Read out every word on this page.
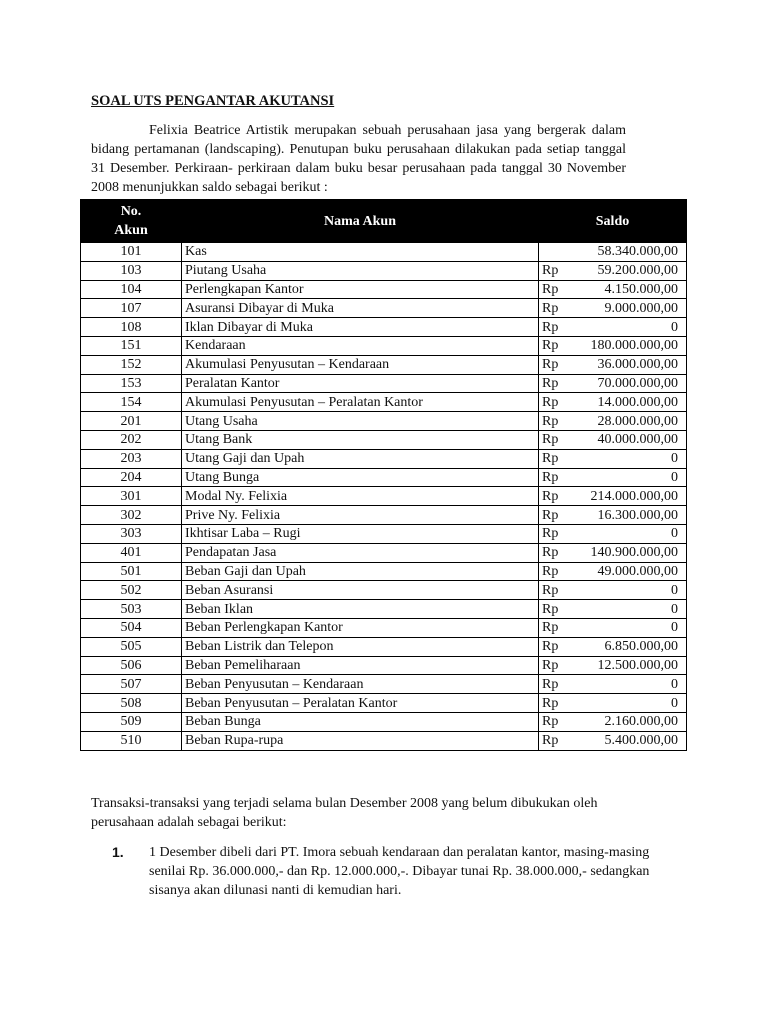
SOAL UTS PENGANTAR AKUTANSI

Felixia Beatrice Artistik merupakan sebuah perusahaan jasa yang bergerak dalam bidang pertamanan (landscaping). Penutupan buku perusahaan dilakukan pada setiap tanggal 31 Desember. Perkiraan- perkiraan dalam buku besar perusahaan pada tanggal 30 November 2008 menunjukkan saldo sebagai berikut :

No. Akun	Nama Akun	Saldo	
101	Kas		58.340.000,00
103	Piutang Usaha	Rp	59.200.000,00
104	Perlengkapan Kantor	Rp	4.150.000,00
107	Asuransi Dibayar di Muka	Rp	9.000.000,00
108	Iklan Dibayar di Muka	Rp	0
151	Kendaraan	Rp	180.000.000,00
152	Akumulasi Penyusutan – Kendaraan	Rp	36.000.000,00
153	Peralatan Kantor	Rp	70.000.000,00
154	Akumulasi Penyusutan – Peralatan Kantor	Rp	14.000.000,00
201	Utang Usaha	Rp	28.000.000,00
202	Utang Bank	Rp	40.000.000,00
203	Utang Gaji dan Upah	Rp	0
204	Utang Bunga	Rp	0
301	Modal Ny. Felixia	Rp	214.000.000,00
302	Prive Ny. Felixia	Rp	16.300.000,00
303	Ikhtisar Laba – Rugi	Rp	0
401	Pendapatan Jasa	Rp	140.900.000,00
501	Beban Gaji dan Upah	Rp	49.000.000,00
502	Beban Asuransi	Rp	0
503	Beban Iklan	Rp	0
504	Beban Perlengkapan Kantor	Rp	0
505	Beban Listrik dan Telepon	Rp	6.850.000,00
506	Beban Pemeliharaan	Rp	12.500.000,00
507	Beban Penyusutan – Kendaraan	Rp	0
508	Beban Penyusutan – Peralatan Kantor	Rp	0
509	Beban Bunga	Rp	2.160.000,00
510	Beban Rupa-rupa	Rp	5.400.000,00

Transaksi-transaksi yang terjadi selama bulan Desember 2008 yang belum dibukukan oleh perusahaan adalah sebagai berikut:

1. 1 Desember dibeli dari PT. Imora sebuah kendaraan dan peralatan kantor, masing-masing senilai Rp. 36.000.000,- dan Rp. 12.000.000,-. Dibayar tunai Rp. 38.000.000,- sedangkan sisanya akan dilunasi nanti di kemudian hari.
